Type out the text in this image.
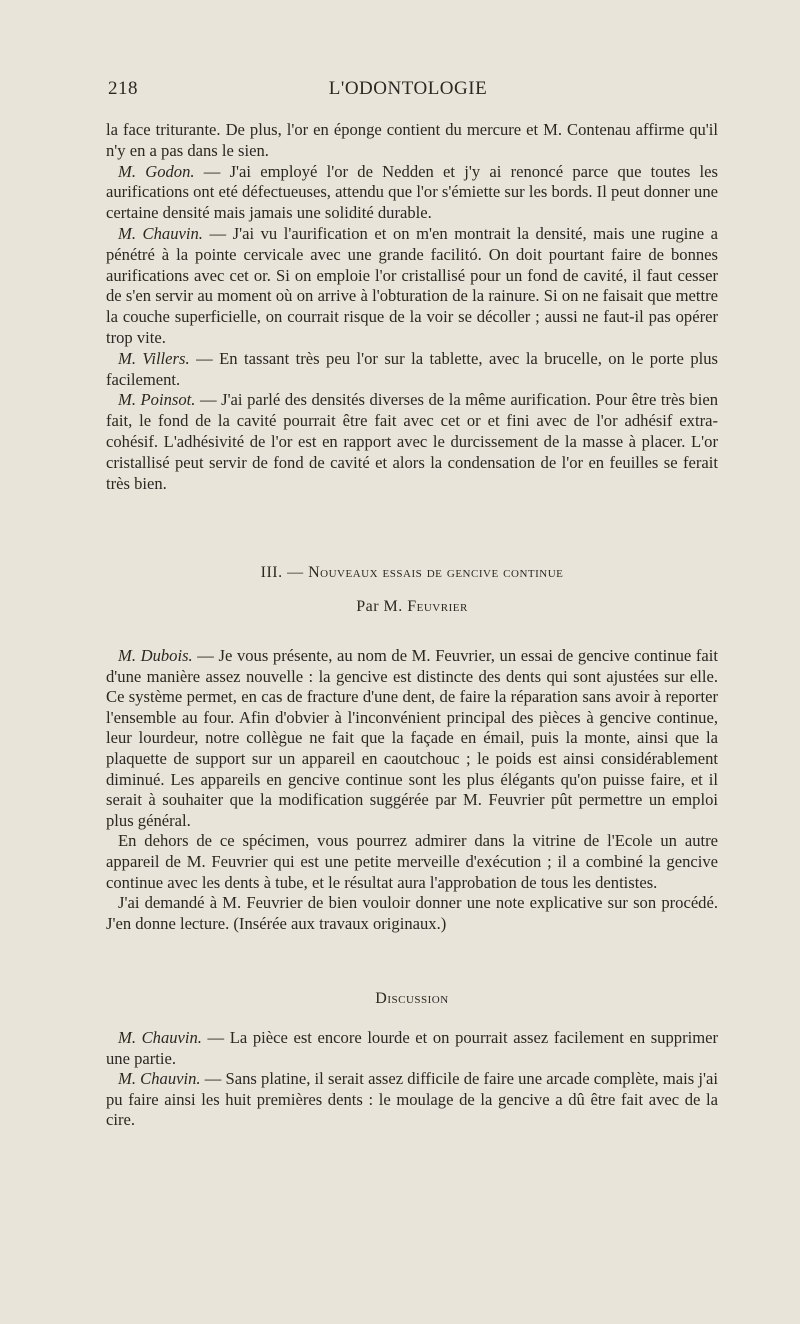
218	L'ODONTOLOGIE

la face triturante. De plus, l'or en éponge contient du mercure et M. Contenau affirme qu'il n'y en a pas dans le sien.

M. Godon. — J'ai employé l'or de Nedden et j'y ai renoncé parce que toutes les aurifications ont eté défectueuses, attendu que l'or s'émiette sur les bords. Il peut donner une certaine densité mais jamais une solidité durable.

M. Chauvin. — J'ai vu l'aurification et on m'en montrait la densité, mais une rugine a pénétré à la pointe cervicale avec une grande facilitó. On doit pourtant faire de bonnes aurifications avec cet or. Si on emploie l'or cristallisé pour un fond de cavité, il faut cesser de s'en servir au moment où on arrive à l'obturation de la rainure. Si on ne faisait que mettre la couche superficielle, on courrait risque de la voir se décoller ; aussi ne faut-il pas opérer trop vite.

M. Villers. — En tassant très peu l'or sur la tablette, avec la brucelle, on le porte plus facilement.

M. Poinsot. — J'ai parlé des densités diverses de la même aurification. Pour être très bien fait, le fond de la cavité pourrait être fait avec cet or et fini avec de l'or adhésif extra-cohésif. L'adhésivité de l'or est en rapport avec le durcissement de la masse à placer. L'or cristallisé peut servir de fond de cavité et alors la condensation de l'or en feuilles se ferait très bien.

III. — Nouveaux essais de gencive continue
Par M. Feuvrier

M. Dubois. — Je vous présente, au nom de M. Feuvrier, un essai de gencive continue fait d'une manière assez nouvelle : la gencive est distincte des dents qui sont ajustées sur elle. Ce système permet, en cas de fracture d'une dent, de faire la réparation sans avoir à reporter l'ensemble au four. Afin d'obvier à l'inconvénient principal des pièces à gencive continue, leur lourdeur, notre collègue ne fait que la façade en émail, puis la monte, ainsi que la plaquette de support sur un appareil en caoutchouc ; le poids est ainsi considérablement diminué. Les appareils en gencive continue sont les plus élégants qu'on puisse faire, et il serait à souhaiter que la modification suggérée par M. Feuvrier pût permettre un emploi plus général.

En dehors de ce spécimen, vous pourrez admirer dans la vitrine de l'Ecole un autre appareil de M. Feuvrier qui est une petite merveille d'exécution ; il a combiné la gencive continue avec les dents à tube, et le résultat aura l'approbation de tous les dentistes.

J'ai demandé à M. Feuvrier de bien vouloir donner une note explicative sur son procédé. J'en donne lecture. (Insérée aux travaux originaux.)

Discussion

M. Chauvin. — La pièce est encore lourde et on pourrait assez facilement en supprimer une partie.

M. Chauvin. — Sans platine, il serait assez difficile de faire une arcade complète, mais j'ai pu faire ainsi les huit premières dents : le moulage de la gencive a dû être fait avec de la cire.
